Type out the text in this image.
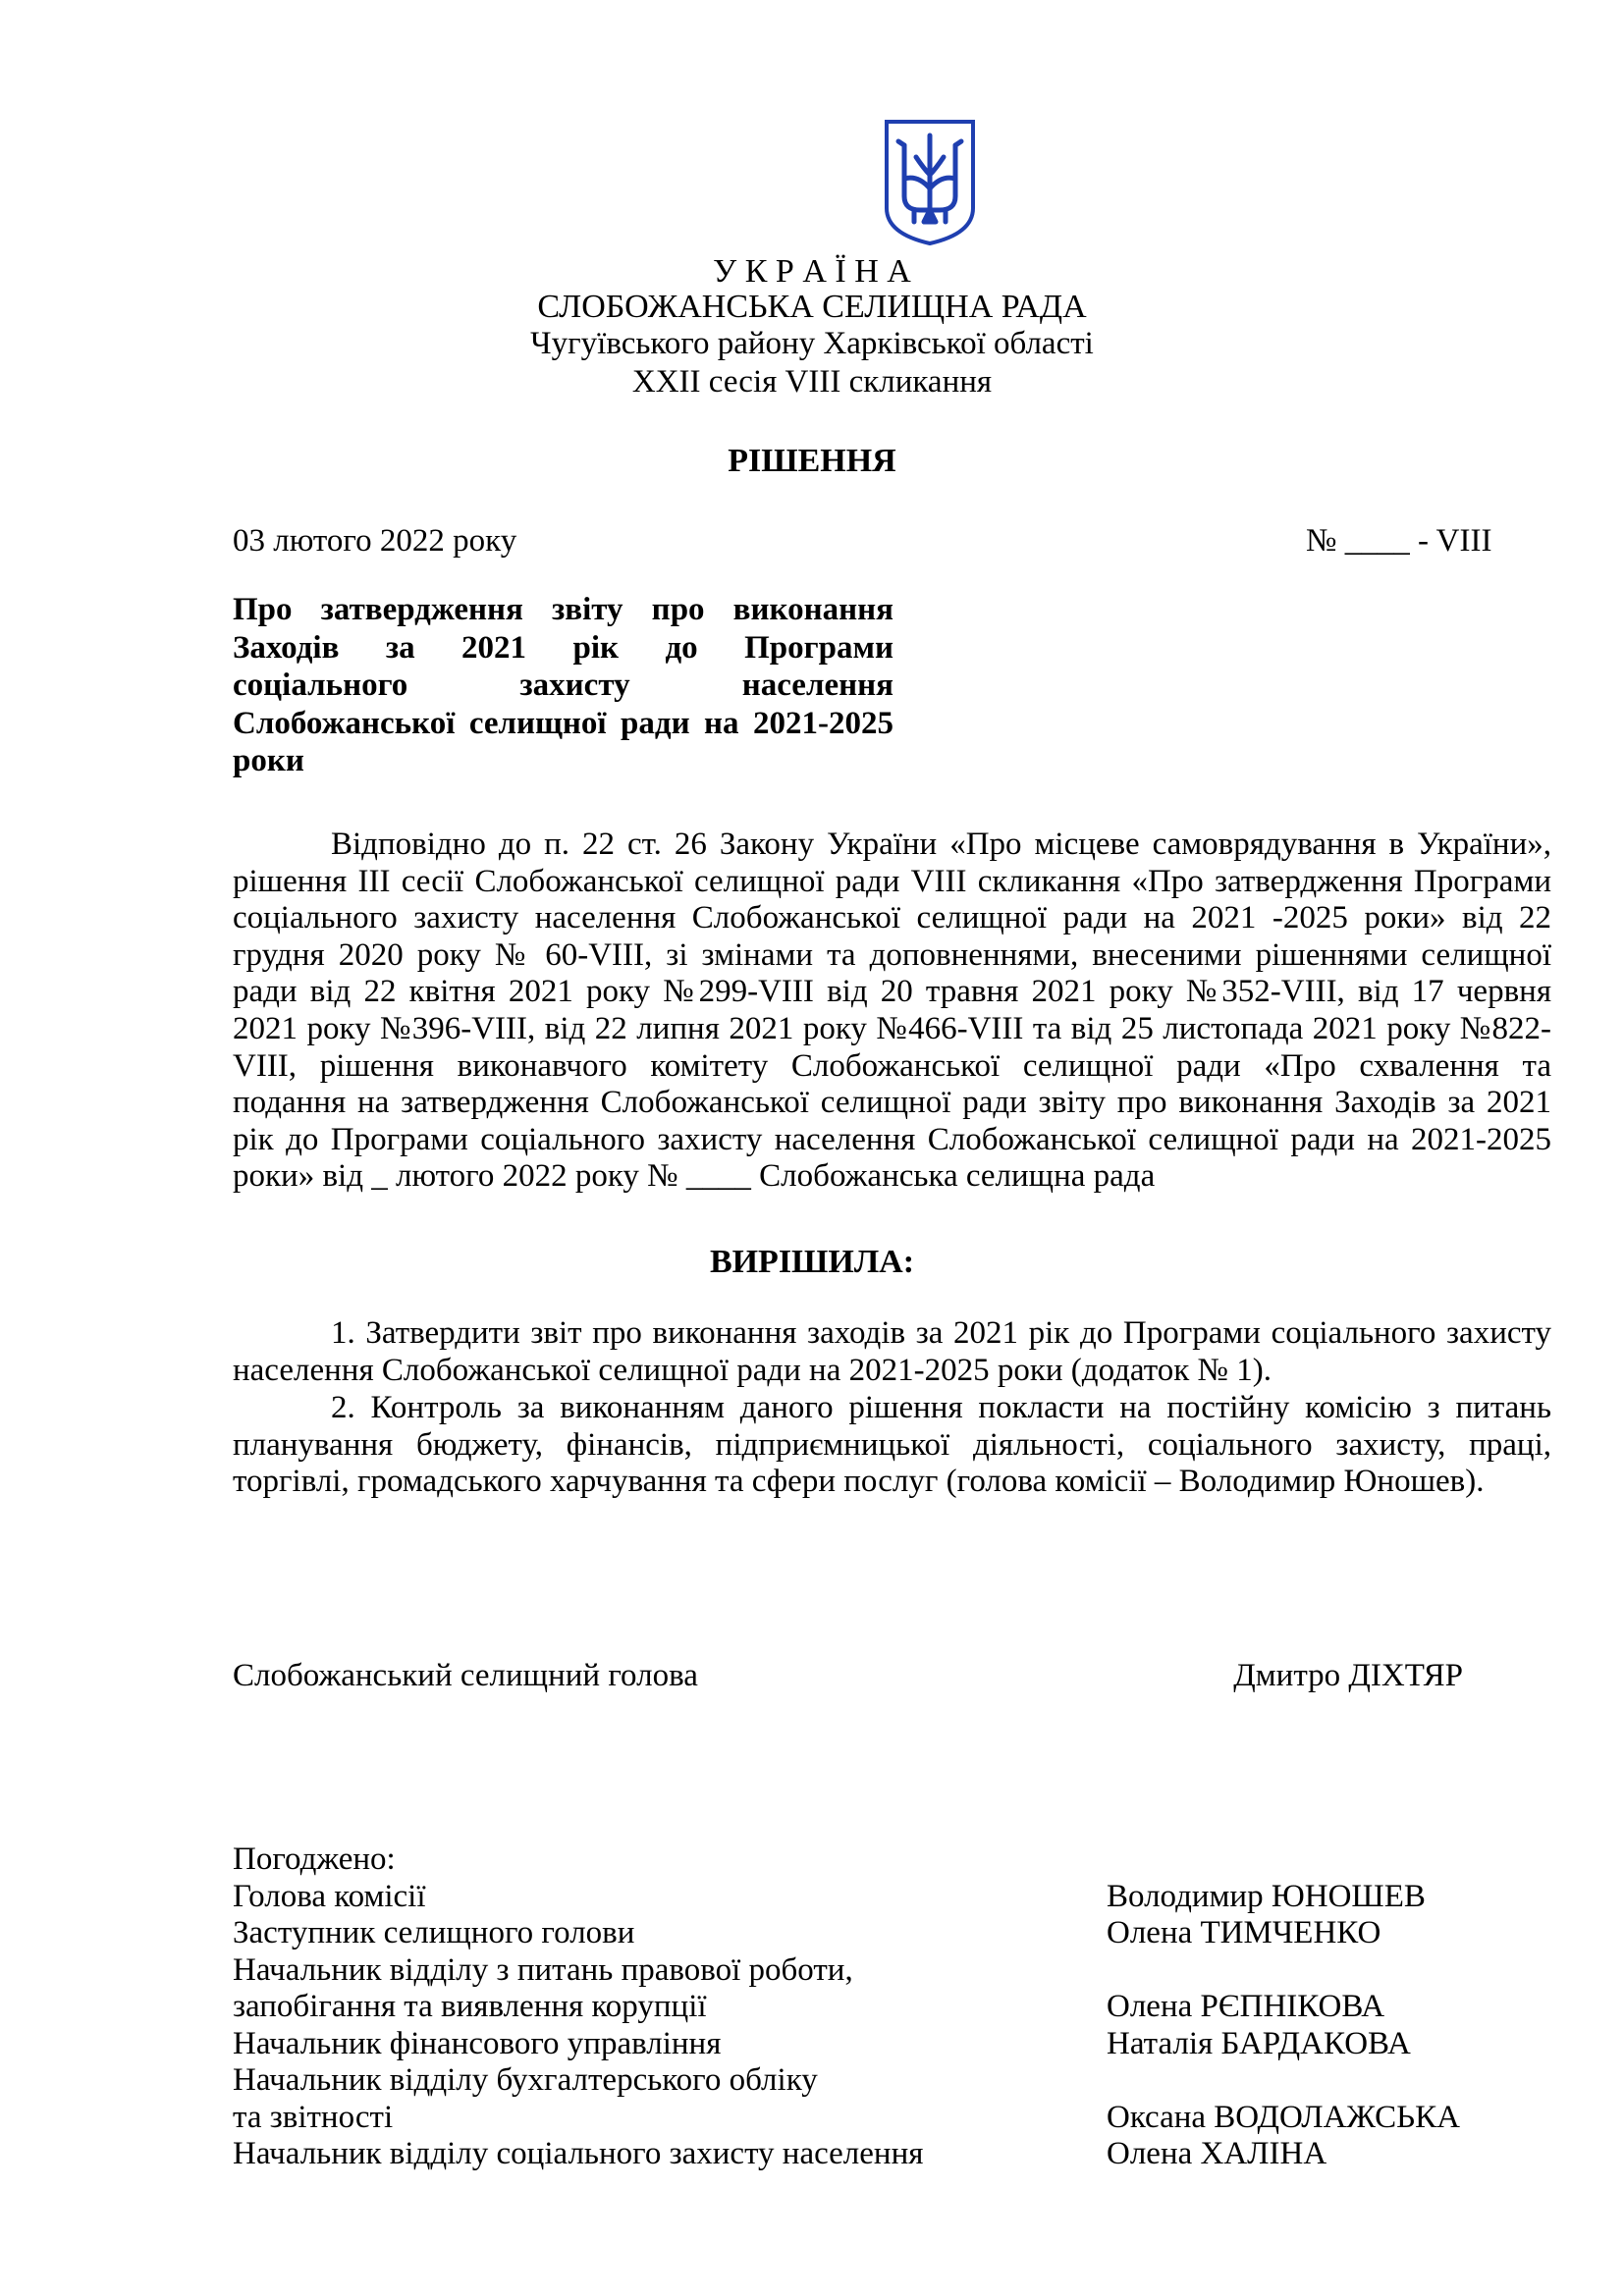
У К Р А Ї Н А
СЛОБОЖАНСЬКА СЕЛИЩНА РАДА
Чугуївського району Харківської області
XXII сесія VIII скликання
РІШЕННЯ
03 лютого 2022 року	№ ____ - VIII
Про затвердження звіту про виконання
Заходів за 2021 рік до Програми
соціального захисту населення
Слобожанської селищної ради на 2021-2025
роки
Відповідно до п. 22 ст. 26 Закону України «Про місцеве самоврядування в України»,
рішення ІІІ сесії Слобожанської селищної ради VIII скликання «Про затвердження Програми
соціального захисту населення Слобожанської селищної ради на 2021 -2025 роки» від 22
грудня 2020 року № 60-VIII, зі змінами та доповненнями, внесеними рішеннями селищної
ради від 22 квітня 2021 року №299-VIII від 20 травня 2021 року №352-VIII, від 17 червня
2021 року №396-VIII, від 22 липня 2021 року №466-VIII та від 25 листопада 2021 року №822-
VIII, рішення виконавчого комітету Слобожанської селищної ради «Про схвалення та
подання на затвердження Слобожанської селищної ради звіту про виконання Заходів за 2021
рік до Програми соціального захисту населення Слобожанської селищної ради на 2021-2025
роки» від _ лютого 2022 року № ____ Слобожанська селищна рада
ВИРІШИЛА:
1. Затвердити звіт про виконання заходів за 2021 рік до Програми соціального захисту
населення Слобожанської селищної ради на 2021-2025 роки (додаток № 1).
2. Контроль за виконанням даного рішення покласти на постійну комісію з питань
планування бюджету, фінансів, підприємницької діяльності, соціального захисту, праці,
торгівлі, громадського харчування та сфери послуг (голова комісії – Володимир Юношев).
Слобожанський селищний голова	Дмитро ДІХТЯР
Погоджено:
Голова комісії
Заступник селищного голови
Начальник відділу з питань правової роботи,
запобігання та виявлення корупції
Начальник фінансового управління
Начальник відділу бухгалтерського обліку
та звітності
Начальник відділу соціального захисту населення
Володимир ЮНОШЕВ
Олена ТИМЧЕНКО
Олена РЄПНІКОВА
Наталія БАРДАКОВА
Оксана ВОДОЛАЖСЬКА
Олена ХАЛІНА
